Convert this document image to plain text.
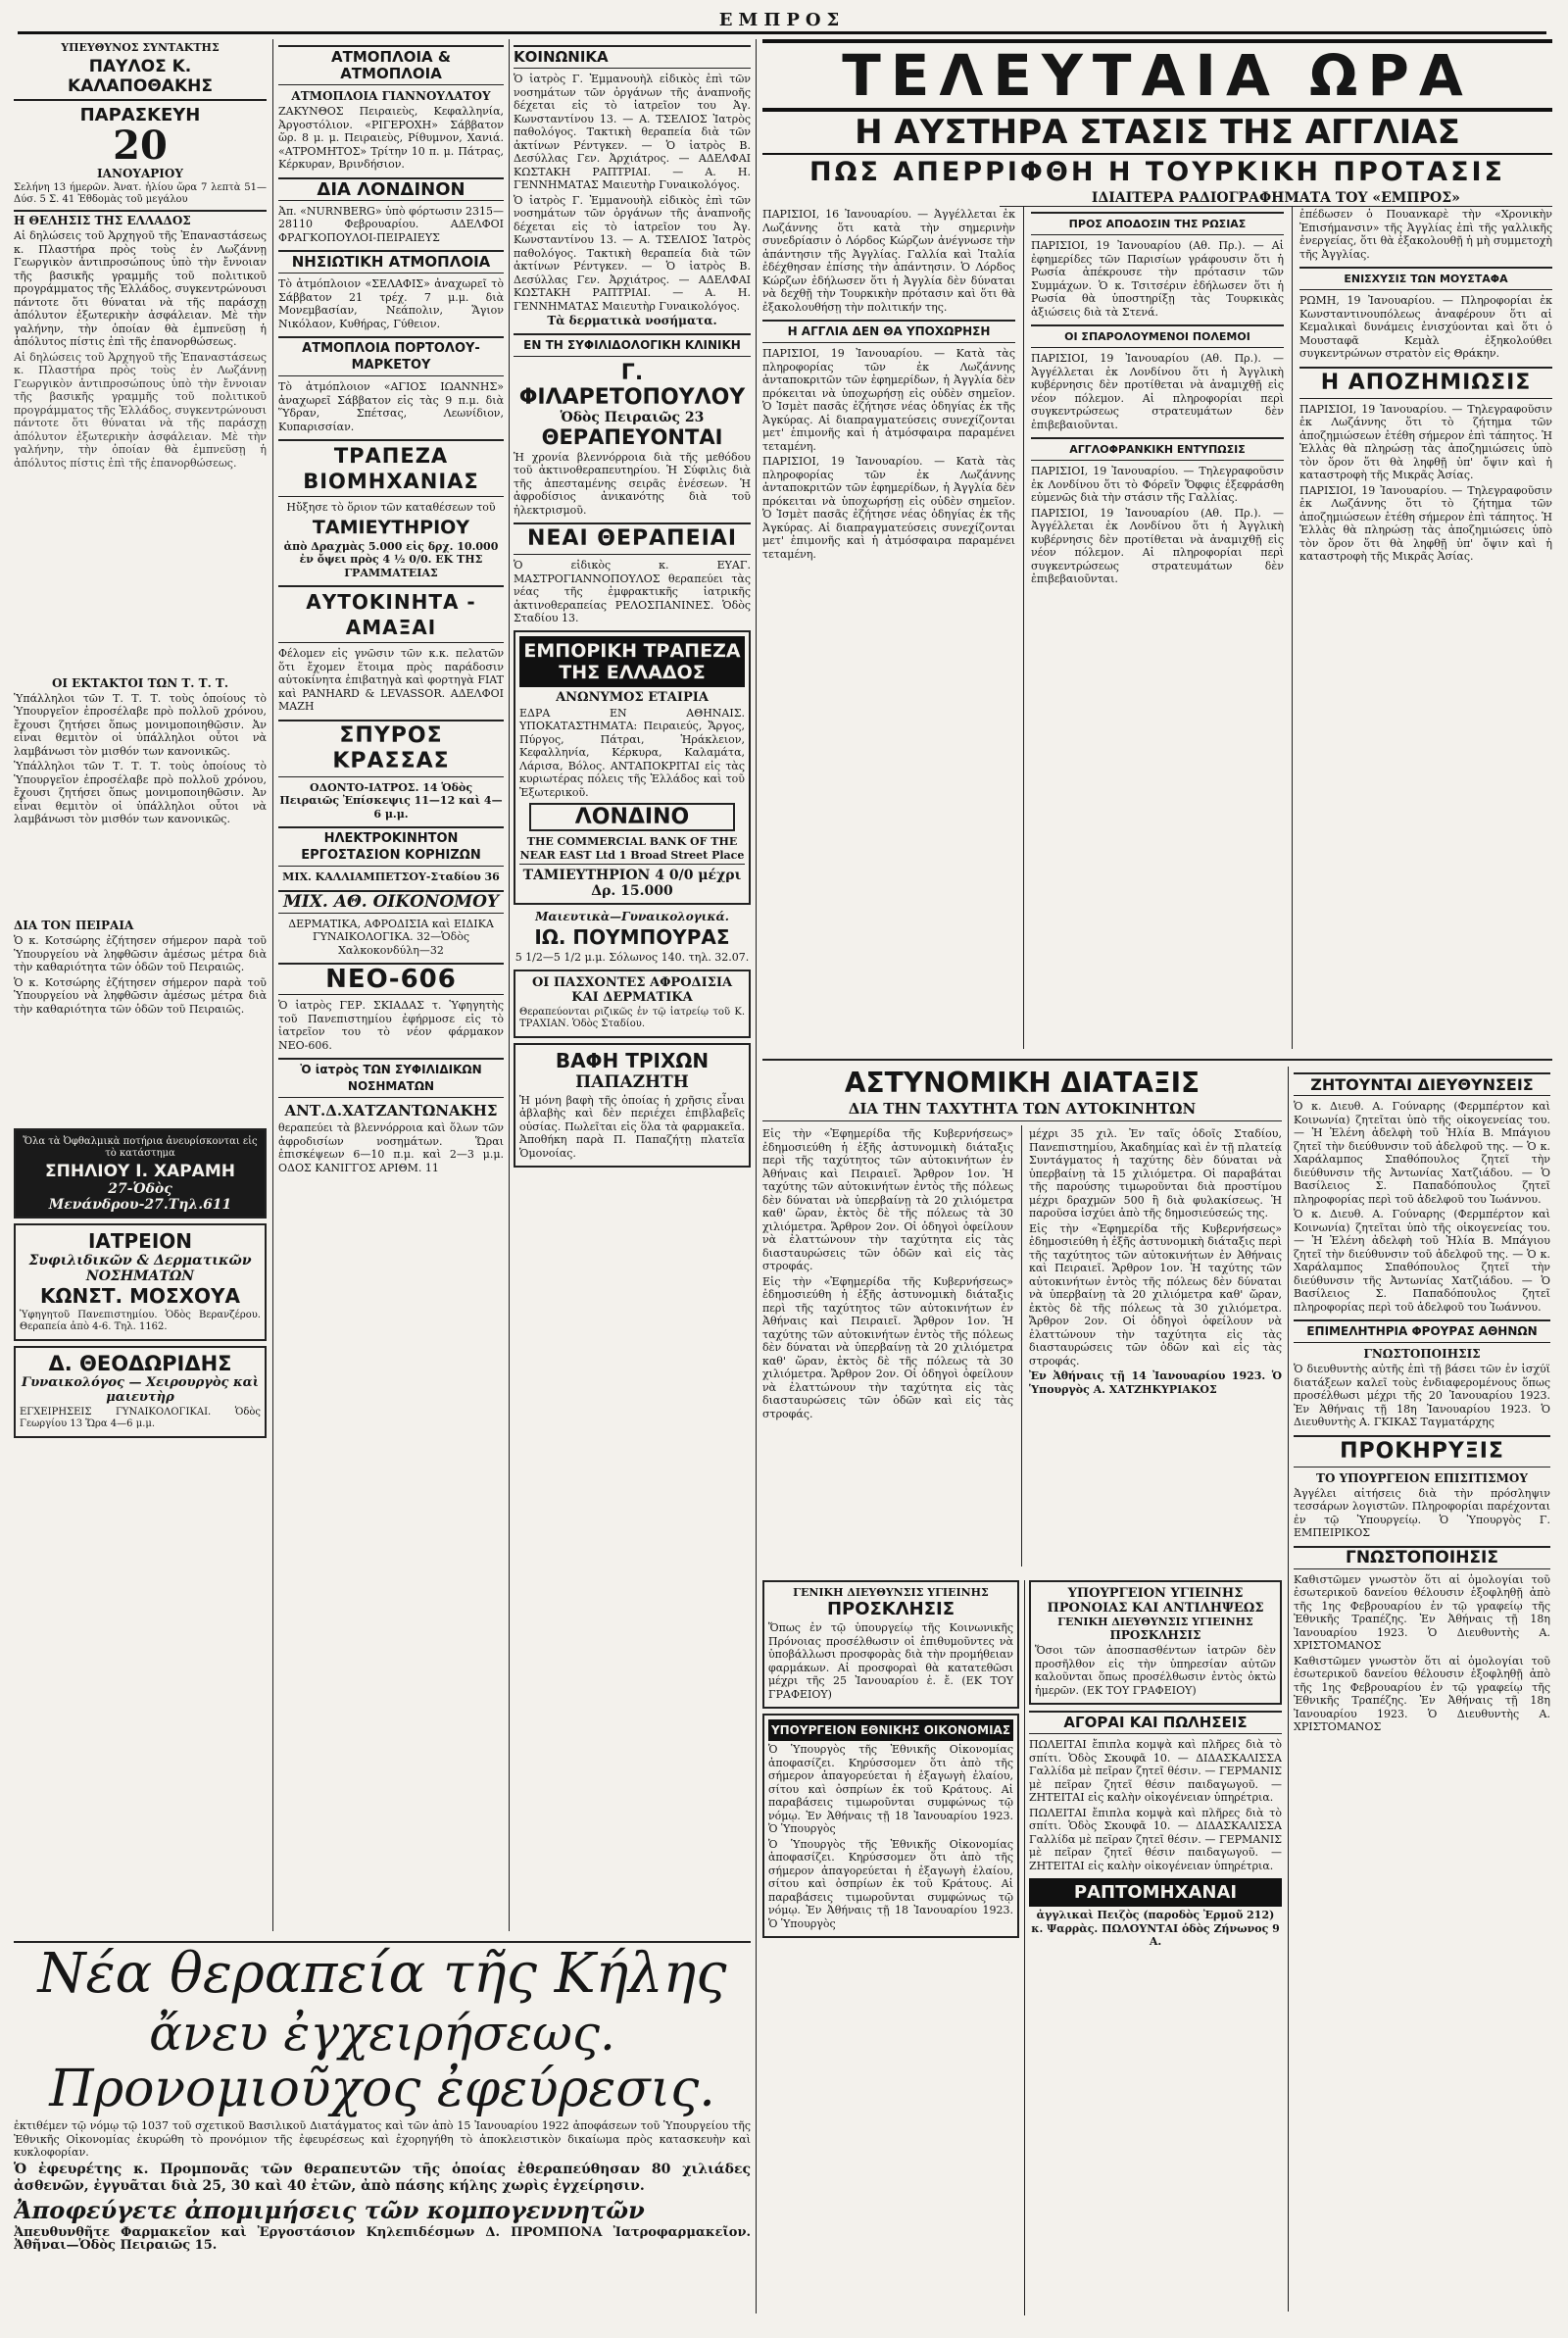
ΕΜΠΡΟΣ
ΥΠΕΥΘΥΝΟΣ ΣΥΝΤΑΚΤΗΣ
ΠΑΥΛΟΣ Κ. ΚΑΛΑΠΟΘΑΚΗΣ
ΠΑΡΑΣΚΕΥΗ
20
ΙΑΝΟΥΑΡΙΟΥ
Σελήνη 13 ήμερῶν. Ἀνατ. ἡλίου ὥρα 7 λεπτὰ 51—Δύσ. 5 Σ. 41 Ἐθδομὰς τοῦ μεγάλου
Η ΘΕΛΗΣΙΣ ΤΗΣ ΕΛΛΑΔΟΣ
Αἱ δηλώσεις τοῦ Ἀρχηγοῦ τῆς Ἐπαναστάσεως κ. Πλαστήρα πρὸς τοὺς ἐν Λωζάννῃ Γεωργικὸν ἀντιπροσώπους ὑπὸ τὴν ἔννοιαν τῆς βασικῆς γραμμῆς τοῦ πολιτικοῦ προγράμματος τῆς Ἑλλάδος, συγκεντρώνουσι πάντοτε ὅτι θύναται νὰ τῆς παράσχῃ ἀπόλυτον ἐξωτερικὴν ἀσφάλειαν. Μὲ τὴν γαλήνην, τὴν ὁποίαν θὰ ἐμπνεῦσῃ ἡ ἀπόλυτος πίστις ἐπὶ τῆς ἐπανορθώσεως.
Αἱ δηλώσεις τοῦ Ἀρχηγοῦ τῆς Ἐπαναστάσεως κ. Πλαστήρα πρὸς τοὺς ἐν Λωζάννῃ Γεωργικὸν ἀντιπροσώπους ὑπὸ τὴν ἔννοιαν τῆς βασικῆς γραμμῆς τοῦ πολιτικοῦ προγράμματος τῆς Ἑλλάδος, συγκεντρώνουσι πάντοτε ὅτι θύναται νὰ τῆς παράσχῃ ἀπόλυτον ἐξωτερικὴν ἀσφάλειαν. Μὲ τὴν γαλήνην, τὴν ὁποίαν θὰ ἐμπνεῦσῃ ἡ ἀπόλυτος πίστις ἐπὶ τῆς ἐπανορθώσεως.
ΟΙ ΕΚΤΑΚΤΟΙ ΤΩΝ Τ. Τ. Τ.
Ὑπάλληλοι τῶν Τ. Τ. Τ. τοὺς ὁποίους τὸ Ὑπουργεῖον ἐπροσέλαβε πρὸ πολλοῦ χρόνου, ἔχουσι ζητήσει ὅπως μονιμοποιηθῶσιν. Ἀν εἶναι θεμιτὸν οἱ ὑπάλληλοι οὗτοι νὰ λαμβάνωσι τὸν μισθόν των κανονικῶς.
Ὑπάλληλοι τῶν Τ. Τ. Τ. τοὺς ὁποίους τὸ Ὑπουργεῖον ἐπροσέλαβε πρὸ πολλοῦ χρόνου, ἔχουσι ζητήσει ὅπως μονιμοποιηθῶσιν. Ἀν εἶναι θεμιτὸν οἱ ὑπάλληλοι οὗτοι νὰ λαμβάνωσι τὸν μισθόν των κανονικῶς.
ΔΙΑ ΤΟΝ ΠΕΙΡΑΙΑ
Ὁ κ. Κοτσώρης ἐζήτησεν σήμερον παρὰ τοῦ Ὑπουργείου νὰ ληφθῶσιν ἀμέσως μέτρα διὰ τὴν καθαριότητα τῶν ὁδῶν τοῦ Πειραιῶς.
Ὁ κ. Κοτσώρης ἐζήτησεν σήμερον παρὰ τοῦ Ὑπουργείου νὰ ληφθῶσιν ἀμέσως μέτρα διὰ τὴν καθαριότητα τῶν ὁδῶν τοῦ Πειραιῶς.
Ὅλα τὰ Ὀφθαλμικὰ ποτήρια ἀνευρίσκονται εἰς τὸ κατάστημα
ΣΠΗΛΙΟΥ Ι. ΧΑΡΑΜΗ
27-Ὁδὸς Μενάνδρου-27.Τηλ.611
ΙΑΤΡΕΙΟΝ
Συφιλιδικῶν & Δερματικῶν ΝΟΣΗΜΑΤΩΝ
ΚΩΝΣΤ. ΜΟΣΧΟΥΑ
Ὑφηγητοῦ Πανεπιστημίου. Ὁδὸς Βερανζέρου. Θεραπεία ἀπὸ 4-6. Τηλ. 1162.
Δ. ΘΕΟΔΩΡΙΔΗΣ
Γυναικολόγος — Χειρουργὸς καὶ μαιευτὴρ
ΕΓΧΕΙΡΗΣΕΙΣ ΓΥΝΑΙΚΟΛΟΓΙΚΑΙ. Ὁδὸς Γεωργίου 13 Ὥρα 4—6 μ.μ.
ΑΤΜΟΠΛΟΙΑ & ΑΤΜΟΠΛΟΙΑ
ΑΤΜΟΠΛΟΙΑ ΓΙΑΝΝΟΥΛΑΤΟΥ
ΖΑΚΥΝΘΟΣ Πειραιεὺς, Κεφαλληνία, Ἀργοστόλιον. «ΡΙΓΕΡΟΧΗ» Σάββατον ὥρ. 8 μ. μ. Πειραιεὺς, Ρίθυμνον, Χανιά. «ΑΤΡΟΜΗΤΟΣ» Τρίτην 10 π. μ. Πάτρας, Κέρκυραν, Βρινδήσιον.
ΔΙΑ ΛΟΝΔΙΝΟΝ
Ἀπ. «NURNBERG» ὑπὸ φόρτωσιν 2315—28110 Φεβρουαρίου. ΑΔΕΛΦΟΙ ΦΡΑΓΚΟΠΟΥΛΟΙ-ΠΕΙΡΑΙΕΥΣ
ΝΗΣΙΩΤΙΚΗ ΑΤΜΟΠΛΟΙΑ
Τὸ ἀτμόπλοιον «ΣΕΛΑΦΙΣ» ἀναχωρεῖ τὸ Σάββατον 21 τρέχ. 7 μ.μ. διὰ Μονεμβασίαν, Νεάπολιν, Ἅγιον Νικόλαον, Κυθήρας, Γύθειον.
ΑΤΜΟΠΛΟΙΑ ΠΟΡΤΟΛΟΥ-ΜΑΡΚΕΤΟΥ
Τὸ ἀτμόπλοιον «ΑΓΙΟΣ ΙΩΑΝΝΗΣ» ἀναχωρεῖ Σάββατον εἰς τὰς 9 π.μ. διὰ Ὕδραν, Σπέτσας, Λεωνίδιον, Κυπαρισσίαν.
ΤΡΑΠΕΖΑ ΒΙΟΜΗΧΑΝΙΑΣ
Ηὔξησε τὸ ὅριον τῶν καταθέσεων τοῦ
ΤΑΜΙΕΥΤΗΡΙΟΥ
ἀπὸ Δραχμὰς 5.000 εἰς δρχ. 10.000 ἐν ὄψει πρὸς 4 ½ 0/0. ΕΚ ΤΗΣ ΓΡΑΜΜΑΤΕΙΑΣ
ΑΥΤΟΚΙΝΗΤΑ - ΑΜΑΞΑΙ
Φέλομεν εἰς γνῶσιν τῶν κ.κ. πελατῶν ὅτι ἔχομεν ἕτοιμα πρὸς παράδοσιν αὐτοκίνητα ἐπιβατηγὰ καὶ φορτηγὰ FIAT καὶ PANHARD & LEVASSOR. ΑΔΕΛΦΟΙ ΜΑΖΗ
ΣΠΥΡΟΣ ΚΡΑΣΣΑΣ
ΟΔΟΝΤΟ-ΙΑΤΡΟΣ. 14 Ὁδὸς Πειραιῶς Ἐπίσκεψις 11—12 καὶ 4—6 μ.μ.
ΗΛΕΚΤΡΟΚΙΝΗΤΟΝ ΕΡΓΟΣΤΑΣΙΟΝ ΚΟΡΗΙΖΩΝ
ΜΙΧ. ΚΑΛΛΙΑΜΠΕΤΣΟΥ-Σταδίου 36
ΜΙΧ. ΑΘ. ΟΙΚΟΝΟΜΟΥ
ΔΕΡΜΑΤΙΚΑ, ΑΦΡΟΔΙΣΙΑ καὶ ΕΙΔΙΚΑ ΓΥΝΑΙΚΟΛΟΓΙΚΑ. 32—Ὁδὸς Χαλκοκονδύλη—32
ΝΕΟ-606
Ὁ ἰατρὸς ΓΕΡ. ΣΚΙΑΔΑΣ τ. Ὑφηγητὴς τοῦ Πανεπιστημίου ἐφήρμοσε εἰς τὸ ἰατρεῖον του τὸ νέον φάρμακον ΝΕΟ-606.
Ὁ ἰατρὸς ΤΩΝ ΣΥΦΙΛΙΔΙΚΩΝ ΝΟΣΗΜΑΤΩΝ
ΑΝΤ.Δ.ΧΑΤΖΑΝΤΩΝΑΚΗΣ
θεραπεύει τὰ βλεννόρροια καὶ ὅλων τῶν ἀφροδισίων νοσημάτων. Ὥραι ἐπισκέψεων 6—10 π.μ. καὶ 2—3 μ.μ. ΟΔΟΣ ΚΑΝΙΓΓΟΣ ΑΡΙΘΜ. 11
ΚΟΙΝΩΝΙΚΑ
Ὁ ἰατρὸς Γ. Ἐμμανουὴλ εἰδικὸς ἐπὶ τῶν νοσημάτων τῶν ὀργάνων τῆς ἀναπνοῆς δέχεται εἰς τὸ ἰατρεῖον του Ἀγ. Κωνσταντίνου 13. — Α. ΤΣΕΛΙΟΣ Ἰατρὸς παθολόγος. Τακτικὴ θεραπεία διὰ τῶν ἀκτίνων Ρέντγκεν. — Ὁ ἰατρὸς Β. Δεσύλλας Γεν. Ἀρχιάτρος. — ΑΔΕΛΦΑΙ ΚΩΣΤΑΚΗ ΡΑΠΤΡΙΑΙ. — Α. Η. ΓΕΝΝΗΜΑΤΑΣ Μαιευτὴρ Γυναικολόγος.
Ὁ ἰατρὸς Γ. Ἐμμανουὴλ εἰδικὸς ἐπὶ τῶν νοσημάτων τῶν ὀργάνων τῆς ἀναπνοῆς δέχεται εἰς τὸ ἰατρεῖον του Ἀγ. Κωνσταντίνου 13. — Α. ΤΣΕΛΙΟΣ Ἰατρὸς παθολόγος. Τακτικὴ θεραπεία διὰ τῶν ἀκτίνων Ρέντγκεν. — Ὁ ἰατρὸς Β. Δεσύλλας Γεν. Ἀρχιάτρος. — ΑΔΕΛΦΑΙ ΚΩΣΤΑΚΗ ΡΑΠΤΡΙΑΙ. — Α. Η. ΓΕΝΝΗΜΑΤΑΣ Μαιευτὴρ Γυναικολόγος.
Τὰ δερματικὰ νοσήματα.
ΕΝ ΤΗ ΣΥΦΙΛΙΔΟΛΟΓΙΚΗ ΚΛΙΝΙΚΗ
Γ. ΦΙΛΑΡΕΤΟΠΟΥΛΟΥ
Ὁδὸς Πειραιῶς 23
ΘΕΡΑΠΕΥΟΝΤΑΙ
Ἡ χρονία βλεννόρροια διὰ τῆς μεθόδου τοῦ ἀκτινοθεραπευτηρίου. Ἡ Σύφιλις διὰ τῆς ἀπεσταμένης σειρᾶς ἐνέσεων. Ἡ ἀφροδίσιος ἀνικανότης διὰ τοῦ ἠλεκτρισμοῦ.
ΝΕΑΙ ΘΕΡΑΠΕΙΑΙ
Ὁ εἰδικὸς κ. ΕΥΑΓ. ΜΑΣΤΡΟΓΙΑΝΝΟΠΟΥΛΟΣ θεραπεύει τὰς νέας τῆς ἐμφρακτικῆς ἰατρικῆς ἀκτινοθεραπείας ΡΕΛΟΣΠΑΝΙΝΕΣ. Ὁδὸς Σταδίου 13.
ΕΜΠΟΡΙΚΗ ΤΡΑΠΕΖΑ ΤΗΣ ΕΛΛΑΔΟΣ
ΑΝΩΝΥΜΟΣ ΕΤΑΙΡΙΑ
ΕΔΡΑ ΕΝ ΑΘΗΝΑΙΣ. ΥΠΟΚΑΤΑΣΤΗΜΑΤΑ: Πειραιεύς, Ἄργος, Πύργος, Πάτραι, Ἡράκλειον, Κεφαλληνία, Κέρκυρα, Καλαμάτα, Λάρισα, Βόλος. ΑΝΤΑΠΟΚΡΙΤΑΙ εἰς τὰς κυριωτέρας πόλεις τῆς Ἑλλάδος καὶ τοῦ Ἐξωτερικοῦ.
ΛΟΝΔΙΝΟ
THE COMMERCIAL BANK OF THE NEAR EAST Ltd 1 Broad Street Place
ΤΑΜΙΕΥΤΗΡΙΟΝ 4 0/0 μέχρι Δρ. 15.000
Μαιευτικὰ—Γυναικολογικά.
ΙΩ. ΠΟΥΜΠΟΥΡΑΣ
5 1/2—5 1/2 μ.μ. Σόλωνος 140. τηλ. 32.07.
ΟΙ ΠΑΣΧΟΝΤΕΣ ΑΦΡΟΔΙΣΙΑ ΚΑΙ ΔΕΡΜΑΤΙΚΑ
Θεραπεύονται ριζικῶς ἐν τῷ ἰατρείῳ τοῦ Κ. ΤΡΑΧΙΑΝ. Ὁδὸς Σταδίου.
ΒΑΦΗ ΤΡΙΧΩΝ
ΠΑΠΑΖΗΤΗ
Ἡ μόνη βαφὴ τῆς ὁποίας ἡ χρῆσις εἶναι ἀβλαβὴς καὶ δὲν περιέχει ἐπιβλαβεῖς οὐσίας. Πωλεῖται εἰς ὅλα τὰ φαρμακεῖα. Ἀποθήκη παρὰ Π. Παπαζήτῃ πλατεῖα Ὁμονοίας.
ΤΕΛΕΥΤΑΙΑ ΩΡΑ
Η ΑΥΣΤΗΡΑ ΣΤΑΣΙΣ ΤΗΣ ΑΓΓΛΙΑΣ
ΠΩΣ ΑΠΕΡΡΙΦΘΗ Η ΤΟΥΡΚΙΚΗ ΠΡΟΤΑΣΙΣ
ΙΔΙΑΙΤΕΡΑ ΡΑΔΙΟΓΡΑΦΗΜΑΤΑ ΤΟΥ «ΕΜΠΡΟΣ»
ΠΑΡΙΣΙΟΙ, 16 Ἰανουαρίου. — Ἀγγέλλεται ἐκ Λωζάννης ὅτι κατὰ τὴν σημερινὴν συνεδρίασιν ὁ Λόρδος Κώρζων ἀνέγνωσε τὴν ἀπάντησιν τῆς Ἀγγλίας. Γαλλία καὶ Ἰταλία ἐδέχθησαν ἐπίσης τὴν ἀπάντησιν. Ὁ Λόρδος Κώρζων ἐδήλωσεν ὅτι ἡ Ἀγγλία δὲν δύναται νὰ δεχθῇ τὴν Τουρκικὴν πρότασιν καὶ ὅτι θὰ ἐξακολουθήσῃ τὴν πολιτικήν της.
Η ΑΓΓΛΙΑ ΔΕΝ ΘΑ ΥΠΟΧΩΡΗΣΗ
ΠΑΡΙΣΙΟΙ, 19 Ἰανουαρίου. — Κατὰ τὰς πληροφορίας τῶν ἐκ Λωζάννης ἀνταποκριτῶν τῶν ἐφημερίδων, ἡ Ἀγγλία δὲν πρόκειται νὰ ὑποχωρήσῃ εἰς οὐδὲν σημεῖον. Ὁ Ἰσμὲτ πασᾶς ἐζήτησε νέας ὁδηγίας ἐκ τῆς Ἀγκύρας. Αἱ διαπραγματεύσεις συνεχίζονται μετ' ἐπιμονῆς καὶ ἡ ἀτμόσφαιρα παραμένει τεταμένη.
ΠΑΡΙΣΙΟΙ, 19 Ἰανουαρίου. — Κατὰ τὰς πληροφορίας τῶν ἐκ Λωζάννης ἀνταποκριτῶν τῶν ἐφημερίδων, ἡ Ἀγγλία δὲν πρόκειται νὰ ὑποχωρήσῃ εἰς οὐδὲν σημεῖον. Ὁ Ἰσμὲτ πασᾶς ἐζήτησε νέας ὁδηγίας ἐκ τῆς Ἀγκύρας. Αἱ διαπραγματεύσεις συνεχίζονται μετ' ἐπιμονῆς καὶ ἡ ἀτμόσφαιρα παραμένει τεταμένη.
ΠΡΟΣ ΑΠΟΔΟΣΙΝ ΤΗΣ ΡΩΣΙΑΣ
ΠΑΡΙΣΙΟΙ, 19 Ἰανουαρίου (Αθ. Πρ.). — Αἱ ἐφημερίδες τῶν Παρισίων γράφουσιν ὅτι ἡ Ρωσία ἀπέκρουσε τὴν πρότασιν τῶν Συμμάχων. Ὁ κ. Τσιτσέριν ἐδήλωσεν ὅτι ἡ Ρωσία θὰ ὑποστηρίξῃ τὰς Τουρκικὰς ἀξιώσεις διὰ τὰ Στενά.
ΟΙ ΣΠΑΡΟΛΟΥΜΕΝΟΙ ΠΟΛΕΜΟΙ
ΠΑΡΙΣΙΟΙ, 19 Ἰανουαρίου (Αθ. Πρ.). — Ἀγγέλλεται ἐκ Λονδίνου ὅτι ἡ Ἀγγλικὴ κυβέρνησις δὲν προτίθεται νὰ ἀναμιχθῇ εἰς νέον πόλεμον. Αἱ πληροφορίαι περὶ συγκεντρώσεως στρατευμάτων δὲν ἐπιβεβαιοῦνται.
ΑΓΓΛΟΦΡΑΝΚΙΚΗ ΕΝΤΥΠΩΣΙΣ
ΠΑΡΙΣΙΟΙ, 19 Ἰανουαρίου. — Τηλεγραφοῦσιν ἐκ Λονδίνου ὅτι τὸ Φόρεῖν Ὄφφις ἐξεφράσθη εὐμενῶς διὰ τὴν στάσιν τῆς Γαλλίας.
ΠΑΡΙΣΙΟΙ, 19 Ἰανουαρίου (Αθ. Πρ.). — Ἀγγέλλεται ἐκ Λονδίνου ὅτι ἡ Ἀγγλικὴ κυβέρνησις δὲν προτίθεται νὰ ἀναμιχθῇ εἰς νέον πόλεμον. Αἱ πληροφορίαι περὶ συγκεντρώσεως στρατευμάτων δὲν ἐπιβεβαιοῦνται.
ἐπέδωσεν ὁ Πουανκαρὲ τὴν «Χρονικὴν Ἐπισήμανσιν» τῆς Ἀγγλίας ἐπὶ τῆς γαλλικῆς ἐνεργείας, ὅτι θὰ ἐξακολουθῇ ἡ μὴ συμμετοχὴ τῆς Ἀγγλίας.
ΕΝΙΣΧΥΣΙΣ ΤΩΝ ΜΟΥΣΤΑΦΑ
ΡΩΜΗ, 19 Ἰανουαρίου. — Πληροφορίαι ἐκ Κωνσταντινουπόλεως ἀναφέρουν ὅτι αἱ Κεμαλικαὶ δυνάμεις ἐνισχύονται καὶ ὅτι ὁ Μουσταφᾶ Κεμὰλ ἐξηκολούθει συγκεντρώνων στρατὸν εἰς Θράκην.
Η ΑΠΟΖΗΜΙΩΣΙΣ
ΠΑΡΙΣΙΟΙ, 19 Ἰανουαρίου. — Τηλεγραφοῦσιν ἐκ Λωζάννης ὅτι τὸ ζήτημα τῶν ἀποζημιώσεων ἐτέθη σήμερον ἐπὶ τάπητος. Ἡ Ἑλλὰς θὰ πληρώσῃ τὰς ἀποζημιώσεις ὑπὸ τὸν ὅρον ὅτι θὰ ληφθῇ ὑπ' ὄψιν καὶ ἡ καταστροφὴ τῆς Μικρᾶς Ἀσίας.
ΠΑΡΙΣΙΟΙ, 19 Ἰανουαρίου. — Τηλεγραφοῦσιν ἐκ Λωζάννης ὅτι τὸ ζήτημα τῶν ἀποζημιώσεων ἐτέθη σήμερον ἐπὶ τάπητος. Ἡ Ἑλλὰς θὰ πληρώσῃ τὰς ἀποζημιώσεις ὑπὸ τὸν ὅρον ὅτι θὰ ληφθῇ ὑπ' ὄψιν καὶ ἡ καταστροφὴ τῆς Μικρᾶς Ἀσίας.
ΑΣΤΥΝΟΜΙΚΗ ΔΙΑΤΑΞΙΣ
ΔΙΑ ΤΗΝ ΤΑΧΥΤΗΤΑ ΤΩΝ ΑΥΤΟΚΙΝΗΤΩΝ
Εἰς τὴν «Ἐφημερίδα τῆς Κυβερνήσεως» ἐδημοσιεύθη ἡ ἑξῆς ἀστυνομικὴ διάταξις περὶ τῆς ταχύτητος τῶν αὐτοκινήτων ἐν Ἀθήναις καὶ Πειραιεῖ. Ἄρθρον 1ον. Ἡ ταχύτης τῶν αὐτοκινήτων ἐντὸς τῆς πόλεως δὲν δύναται νὰ ὑπερβαίνῃ τὰ 20 χιλιόμετρα καθ' ὥραν, ἐκτὸς δὲ τῆς πόλεως τὰ 30 χιλιόμετρα. Ἄρθρον 2ον. Οἱ ὁδηγοὶ ὀφείλουν νὰ ἐλαττώνουν τὴν ταχύτητα εἰς τὰς διασταυρώσεις τῶν ὁδῶν καὶ εἰς τὰς στροφάς.
Εἰς τὴν «Ἐφημερίδα τῆς Κυβερνήσεως» ἐδημοσιεύθη ἡ ἑξῆς ἀστυνομικὴ διάταξις περὶ τῆς ταχύτητος τῶν αὐτοκινήτων ἐν Ἀθήναις καὶ Πειραιεῖ. Ἄρθρον 1ον. Ἡ ταχύτης τῶν αὐτοκινήτων ἐντὸς τῆς πόλεως δὲν δύναται νὰ ὑπερβαίνῃ τὰ 20 χιλιόμετρα καθ' ὥραν, ἐκτὸς δὲ τῆς πόλεως τὰ 30 χιλιόμετρα. Ἄρθρον 2ον. Οἱ ὁδηγοὶ ὀφείλουν νὰ ἐλαττώνουν τὴν ταχύτητα εἰς τὰς διασταυρώσεις τῶν ὁδῶν καὶ εἰς τὰς στροφάς.
μέχρι 35 χιλ. Ἐν ταῖς ὁδοῖς Σταδίου, Πανεπιστημίου, Ἀκαδημίας καὶ ἐν τῇ πλατείᾳ Συντάγματος ἡ ταχύτης δὲν δύναται νὰ ὑπερβαίνῃ τὰ 15 χιλιόμετρα. Οἱ παραβάται τῆς παρούσης τιμωροῦνται διὰ προστίμου μέχρι δραχμῶν 500 ἢ διὰ φυλακίσεως. Ἡ παροῦσα ἰσχύει ἀπὸ τῆς δημοσιεύσεώς της.
Εἰς τὴν «Ἐφημερίδα τῆς Κυβερνήσεως» ἐδημοσιεύθη ἡ ἑξῆς ἀστυνομικὴ διάταξις περὶ τῆς ταχύτητος τῶν αὐτοκινήτων ἐν Ἀθήναις καὶ Πειραιεῖ. Ἄρθρον 1ον. Ἡ ταχύτης τῶν αὐτοκινήτων ἐντὸς τῆς πόλεως δὲν δύναται νὰ ὑπερβαίνῃ τὰ 20 χιλιόμετρα καθ' ὥραν, ἐκτὸς δὲ τῆς πόλεως τὰ 30 χιλιόμετρα. Ἄρθρον 2ον. Οἱ ὁδηγοὶ ὀφείλουν νὰ ἐλαττώνουν τὴν ταχύτητα εἰς τὰς διασταυρώσεις τῶν ὁδῶν καὶ εἰς τὰς στροφάς.
Ἐν Ἀθήναις τῇ 14 Ἰανουαρίου 1923. Ὁ Ὑπουργὸς Α. ΧΑΤΖΗΚΥΡΙΑΚΟΣ
ΖΗΤΟΥΝΤΑΙ ΔΙΕΥΘΥΝΣΕΙΣ
Ὁ κ. Διευθ. Α. Γούναρης (Φερμπέρτον καὶ Κοινωνία) ζητεῖται ὑπὸ τῆς οἰκογενείας του. — Ἡ Ἐλένη ἀδελφὴ τοῦ Ἠλία Β. Μπάγιου ζητεῖ τὴν διεύθυνσιν τοῦ ἀδελφοῦ της. — Ὁ κ. Χαράλαμπος Σπαθόπουλος ζητεῖ τὴν διεύθυνσιν τῆς Ἀντωνίας Χατζιάδου. — Ὁ Βασίλειος Σ. Παπαδόπουλος ζητεῖ πληροφορίας περὶ τοῦ ἀδελφοῦ του Ἰωάννου.
Ὁ κ. Διευθ. Α. Γούναρης (Φερμπέρτον καὶ Κοινωνία) ζητεῖται ὑπὸ τῆς οἰκογενείας του. — Ἡ Ἐλένη ἀδελφὴ τοῦ Ἠλία Β. Μπάγιου ζητεῖ τὴν διεύθυνσιν τοῦ ἀδελφοῦ της. — Ὁ κ. Χαράλαμπος Σπαθόπουλος ζητεῖ τὴν διεύθυνσιν τῆς Ἀντωνίας Χατζιάδου. — Ὁ Βασίλειος Σ. Παπαδόπουλος ζητεῖ πληροφορίας περὶ τοῦ ἀδελφοῦ του Ἰωάννου.
ΕΠΙΜΕΛΗΤΗΡΙΑ ΦΡΟΥΡΑΣ ΑΘΗΝΩΝ
ΓΝΩΣΤΟΠΟΙΗΣΙΣ
Ὁ διευθυντὴς αὐτῆς ἐπὶ τῇ βάσει τῶν ἐν ἰσχύϊ διατάξεων καλεῖ τοὺς ἐνδιαφερομένους ὅπως προσέλθωσι μέχρι τῆς 20 Ἰανουαρίου 1923. Ἐν Ἀθήναις τῇ 18η Ἰανουαρίου 1923. Ὁ Διευθυντὴς Α. ΓΚΙΚΑΣ Ταγματάρχης
ΠΡΟΚΗΡΥΞΙΣ
ΤΟ ΥΠΟΥΡΓΕΙΟΝ ΕΠΙΣΙΤΙΣΜΟΥ
Ἀγγέλει αἰτήσεις διὰ τὴν πρόσληψιν τεσσάρων λογιστῶν. Πληροφορίαι παρέχονται ἐν τῷ Ὑπουργείῳ. Ὁ Ὑπουργὸς Γ. ΕΜΠΕΙΡΙΚΟΣ
ΓΝΩΣΤΟΠΟΙΗΣΙΣ
Καθιστῶμεν γνωστὸν ὅτι αἱ ὁμολογίαι τοῦ ἐσωτερικοῦ δανείου θέλουσιν ἐξοφληθῇ ἀπὸ τῆς 1ης Φεβρουαρίου ἐν τῷ γραφείῳ τῆς Ἐθνικῆς Τραπέζης. Ἐν Ἀθήναις τῇ 18η Ἰανουαρίου 1923. Ὁ Διευθυντὴς Α. ΧΡΙΣΤΟΜΑΝΟΣ
Καθιστῶμεν γνωστὸν ὅτι αἱ ὁμολογίαι τοῦ ἐσωτερικοῦ δανείου θέλουσιν ἐξοφληθῇ ἀπὸ τῆς 1ης Φεβρουαρίου ἐν τῷ γραφείῳ τῆς Ἐθνικῆς Τραπέζης. Ἐν Ἀθήναις τῇ 18η Ἰανουαρίου 1923. Ὁ Διευθυντὴς Α. ΧΡΙΣΤΟΜΑΝΟΣ
ΓΕΝΙΚΗ ΔΙΕΥΘΥΝΣΙΣ ΥΓΙΕΙΝΗΣ
ΠΡΟΣΚΛΗΣΙΣ
Ὅπως ἐν τῷ ὑπουργείῳ τῆς Κοινωνικῆς Πρόνοιας προσέλθωσιν οἱ ἐπιθυμοῦντες νὰ ὑποβάλλωσι προσφορὰς διὰ τὴν προμήθειαν φαρμάκων. Αἱ προσφοραὶ θὰ κατατεθῶσι μέχρι τῆς 25 Ἰανουαρίου ἐ. ἔ. (ΕΚ ΤΟΥ ΓΡΑΦΕΙΟΥ)
ΥΠΟΥΡΓΕΙΟΝ ΕΘΝΙΚΗΣ ΟΙΚΟΝΟΜΙΑΣ
Ὁ Ὑπουργὸς τῆς Ἐθνικῆς Οἰκονομίας ἀποφασίζει. Κηρύσσομεν ὅτι ἀπὸ τῆς σήμερον ἀπαγορεύεται ἡ ἐξαγωγὴ ἐλαίου, σίτου καὶ ὀσπρίων ἐκ τοῦ Κράτους. Αἱ παραβάσεις τιμωροῦνται συμφώνως τῷ νόμῳ. Ἐν Ἀθήναις τῇ 18 Ἰανουαρίου 1923. Ὁ Ὑπουργὸς
Ὁ Ὑπουργὸς τῆς Ἐθνικῆς Οἰκονομίας ἀποφασίζει. Κηρύσσομεν ὅτι ἀπὸ τῆς σήμερον ἀπαγορεύεται ἡ ἐξαγωγὴ ἐλαίου, σίτου καὶ ὀσπρίων ἐκ τοῦ Κράτους. Αἱ παραβάσεις τιμωροῦνται συμφώνως τῷ νόμῳ. Ἐν Ἀθήναις τῇ 18 Ἰανουαρίου 1923. Ὁ Ὑπουργὸς
ΥΠΟΥΡΓΕΙΟΝ ΥΓΙΕΙΝΗΣ ΠΡΟΝΟΙΑΣ ΚΑΙ ΑΝΤΙΛΗΨΕΩΣ
ΓΕΝΙΚΗ ΔΙΕΥΘΥΝΣΙΣ ΥΓΙΕΙΝΗΣ
ΠΡΟΣΚΛΗΣΙΣ
Ὅσοι τῶν ἀποσπασθέντων ἰατρῶν δὲν προσῆλθον εἰς τὴν ὑπηρεσίαν αὐτῶν καλοῦνται ὅπως προσέλθωσιν ἐντὸς ὀκτὼ ἡμερῶν. (ΕΚ ΤΟΥ ΓΡΑΦΕΙΟΥ)
ΑΓΟΡΑΙ ΚΑΙ ΠΩΛΗΣΕΙΣ
ΠΩΛΕΙΤΑΙ ἔπιπλα κομψὰ καὶ πλῆρες διὰ τὸ σπίτι. Ὁδὸς Σκουφᾶ 10. — ΔΙΔΑΣΚΑΛΙΣΣΑ Γαλλίδα μὲ πεῖραν ζητεῖ θέσιν. — ΓΕΡΜΑΝΙΣ μὲ πεῖραν ζητεῖ θέσιν παιδαγωγοῦ. — ΖΗΤΕΙΤΑΙ εἰς καλὴν οἰκογένειαν ὑπηρέτρια.
ΠΩΛΕΙΤΑΙ ἔπιπλα κομψὰ καὶ πλῆρες διὰ τὸ σπίτι. Ὁδὸς Σκουφᾶ 10. — ΔΙΔΑΣΚΑΛΙΣΣΑ Γαλλίδα μὲ πεῖραν ζητεῖ θέσιν. — ΓΕΡΜΑΝΙΣ μὲ πεῖραν ζητεῖ θέσιν παιδαγωγοῦ. — ΖΗΤΕΙΤΑΙ εἰς καλὴν οἰκογένειαν ὑπηρέτρια.
ΡΑΠΤΟΜΗΧΑΝΑΙ
ἀγγλικαὶ Πειζὸς (παροδὸς Ἐρμοῦ 212) κ. Ψαρρὰς. ΠΩΛΟΥΝΤΑΙ ὁδὸς Ζήνωνος 9 Α.
Νέα θεραπεία τῆς Κήλης
ἄνευ ἐγχειρήσεως.
Προνομιοῦχος ἐφεύρεσις.
ἐκτιθέμεν τῷ νόμῳ τῷ 1037 τοῦ σχετικοῦ Βασιλικοῦ Διατάγματος καὶ τῶν ἀπὸ 15 Ἰανουαρίου 1922 ἀποφάσεων τοῦ Ὑπουργείου τῆς Ἐθνικῆς Οἰκονομίας ἐκυρώθη τὸ προνόμιον τῆς ἐφευρέσεως καὶ ἐχορηγήθη τὸ ἀποκλειστικὸν δικαίωμα πρὸς κατασκευὴν καὶ κυκλοφορίαν.
Ὁ ἐφευρέτης κ. Προμπονᾶς τῶν θεραπευτῶν τῆς ὁποίας ἐθεραπεύθησαν 80 χιλιάδες ἀσθενῶν, ἐγγυᾶται διὰ 25, 30 καὶ 40 ἐτῶν, ἀπὸ πάσης κήλης χωρὶς ἐγχείρησιν.
Ἀποφεύγετε ἀπομιμήσεις τῶν κομπογεννητῶν
Ἀπευθυνθῆτε Φαρμακεῖον καὶ Ἐργοστάσιον Κηλεπιδέσμων Δ. ΠΡΟΜΠΟΝΑ Ἰατροφαρμακεῖον. Ἀθῆναι—Ὁδὸς Πειραιῶς 15.
